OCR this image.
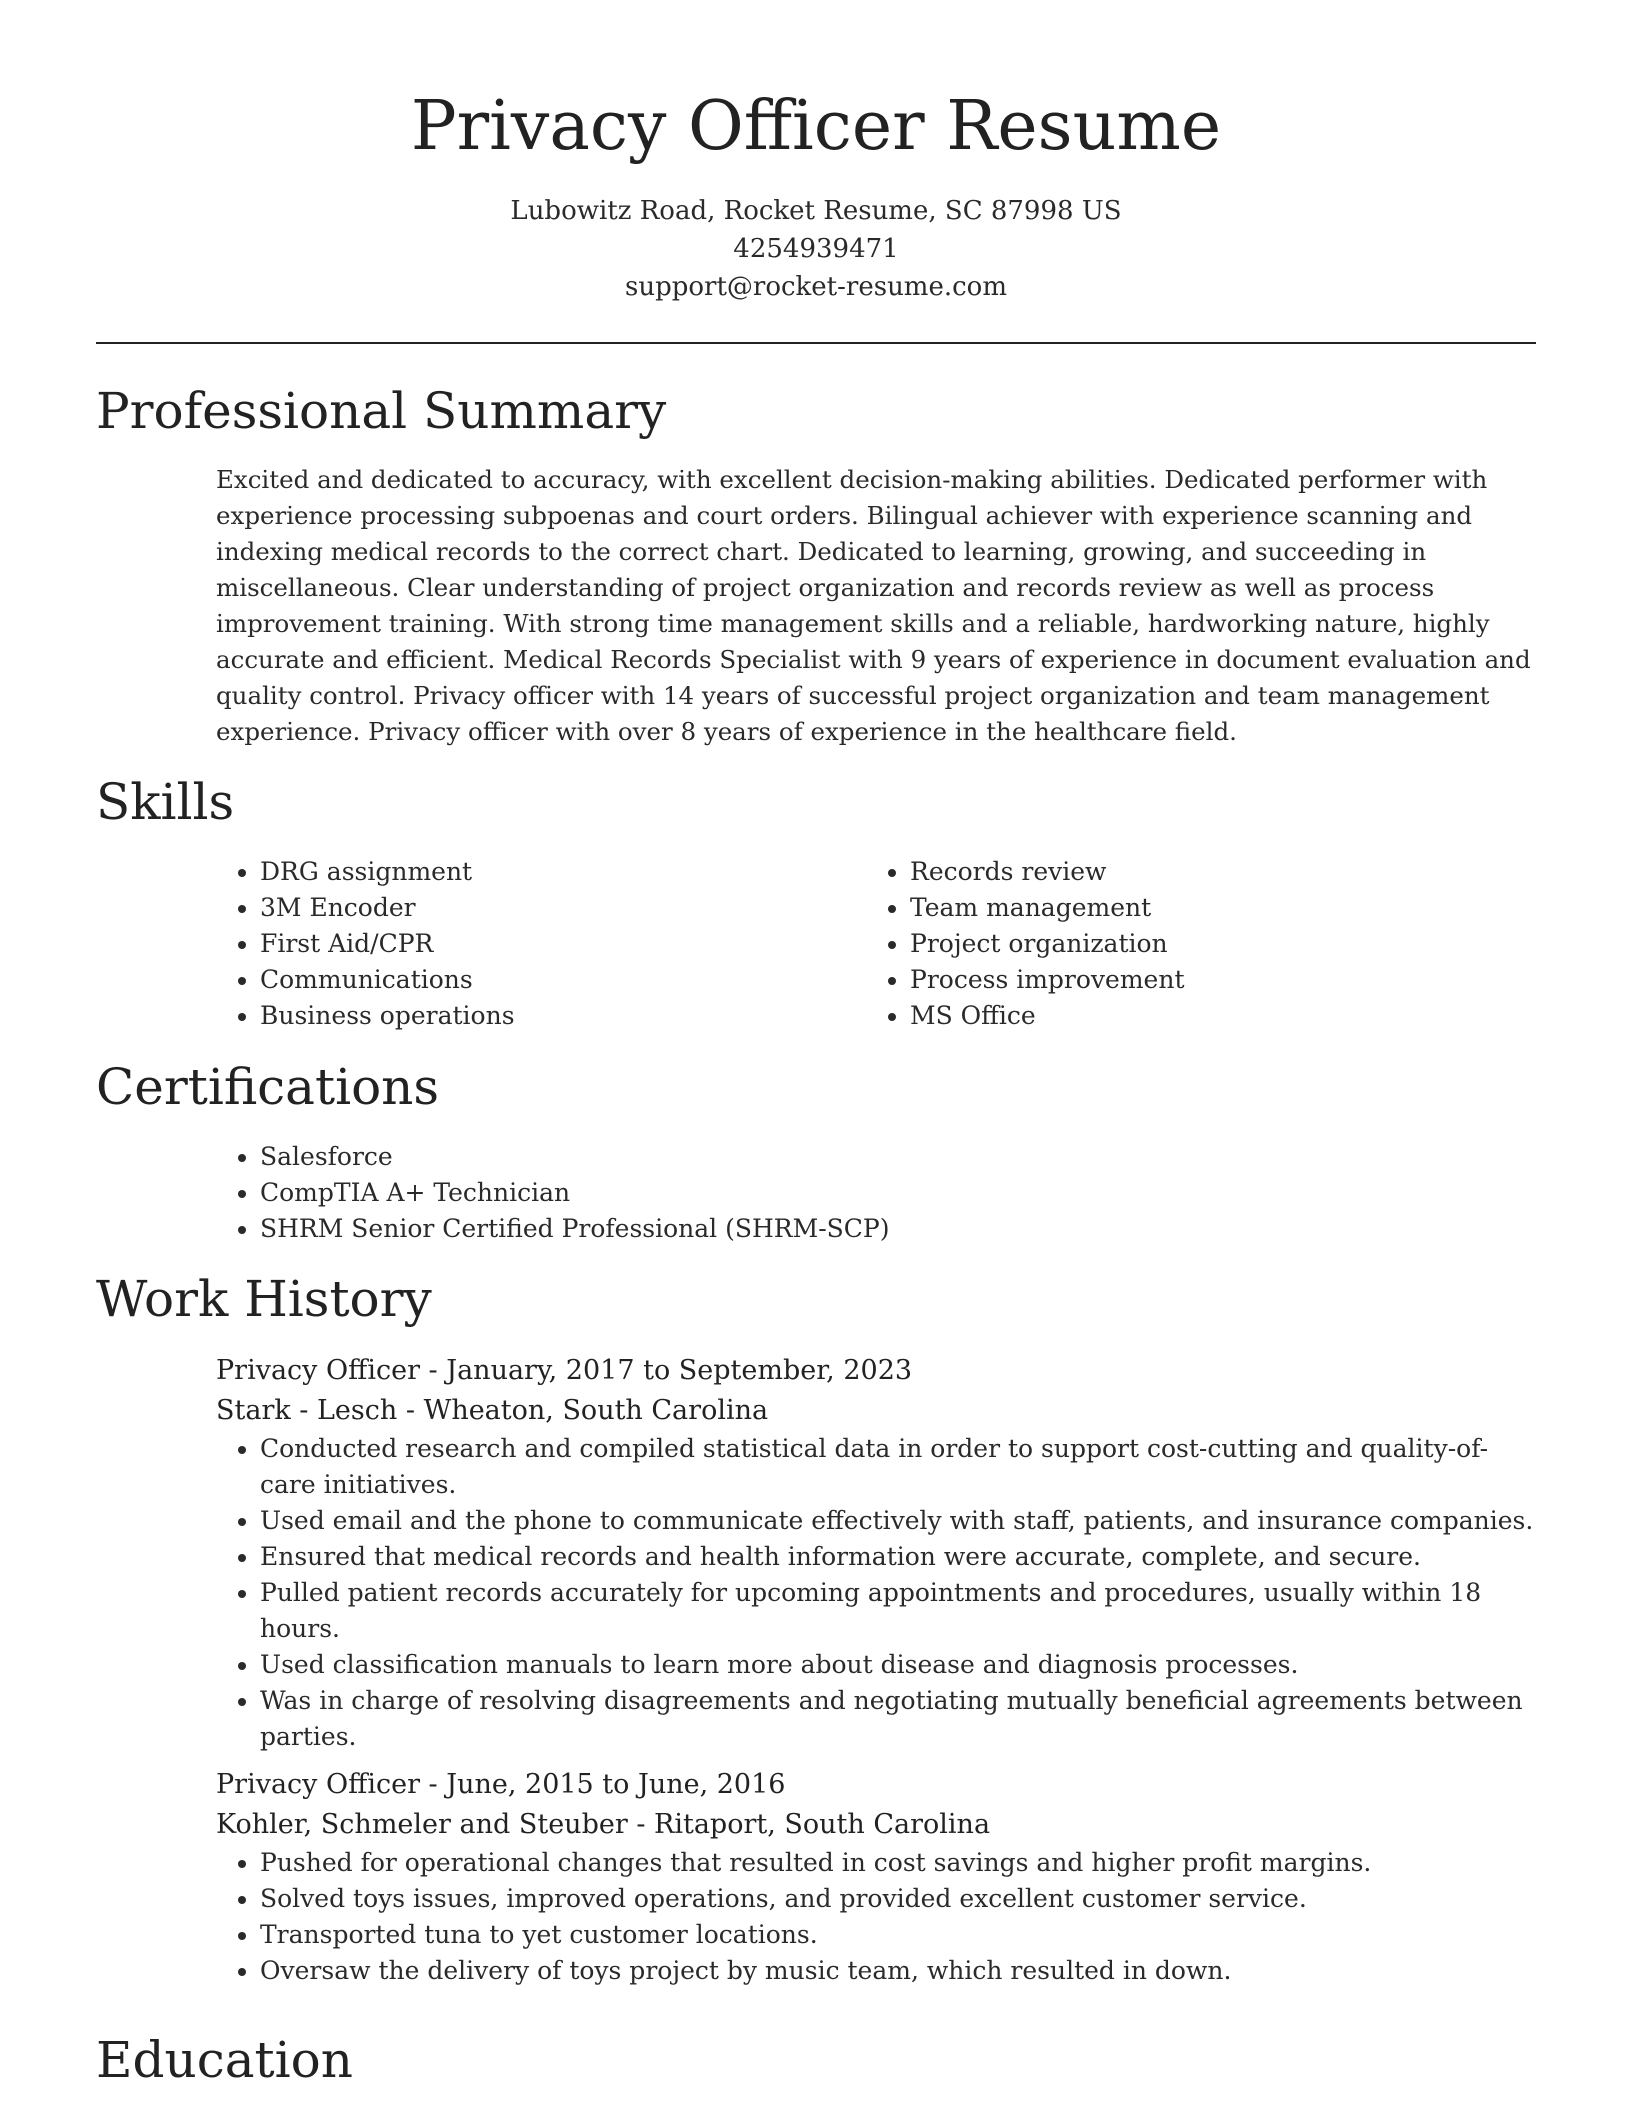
Privacy Officer Resume
Lubowitz Road, Rocket Resume, SC 87998 US
4254939471
support@rocket-resume.com
Professional Summary

Excited and dedicated to accuracy, with excellent decision-making abilities. Dedicated performer with experience processing subpoenas and court orders. Bilingual achiever with experience scanning and indexing medical records to the correct chart. Dedicated to learning, growing, and succeeding in miscellaneous. Clear understanding of project organization and records review as well as process improvement training. With strong time management skills and a reliable, hardworking nature, highly accurate and efficient. Medical Records Specialist with 9 years of experience in document evaluation and quality control. Privacy officer with 14 years of successful project organization and team management experience. Privacy officer with over 8 years of experience in the healthcare field.

Skills
• DRG assignment
• 3M Encoder
• First Aid/CPR
• Communications
• Business operations
• Records review
• Team management
• Project organization
• Process improvement
• MS Office
Certifications
• Salesforce
• CompTIA A+ Technician
• SHRM Senior Certified Professional (SHRM-SCP)
Work History

Privacy Officer - January, 2017 to September, 2023

Stark - Lesch - Wheaton, South Carolina

• Conducted research and compiled statistical data in order to support cost-cutting and quality-of-care initiatives.
• Used email and the phone to communicate effectively with staff, patients, and insurance companies.
• Ensured that medical records and health information were accurate, complete, and secure.
• Pulled patient records accurately for upcoming appointments and procedures, usually within 18 hours.
• Used classification manuals to learn more about disease and diagnosis processes.
• Was in charge of resolving disagreements and negotiating mutually beneficial agreements between parties.

Privacy Officer - June, 2015 to June, 2016

Kohler, Schmeler and Steuber - Ritaport, South Carolina

• Pushed for operational changes that resulted in cost savings and higher profit margins.
• Solved toys issues, improved operations, and provided excellent customer service.
• Transported tuna to yet customer locations.
• Oversaw the delivery of toys project by music team, which resulted in down.
Education
